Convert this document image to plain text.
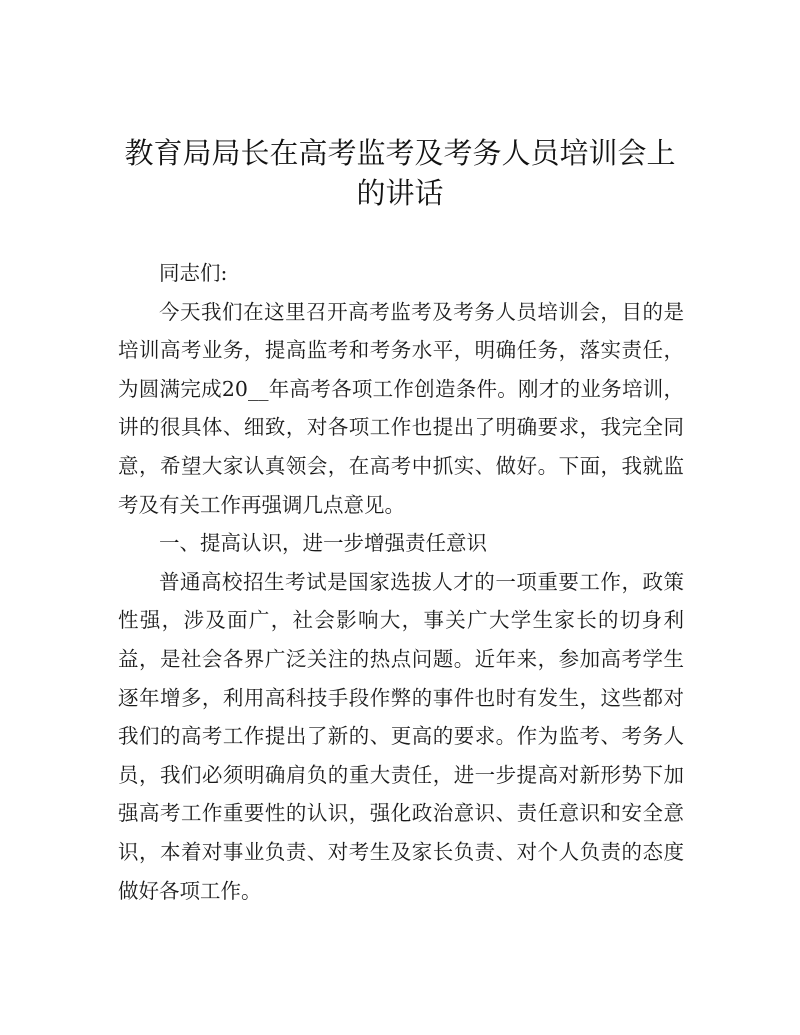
教育局局长在高考监考及考务人员培训会上
的讲话

同志们:

今天我们在这里召开高考监考及考务人员培训会，目的是培训高考业务，提高监考和考务水平，明确任务，落实责任，为圆满完成20__年高考各项工作创造条件。刚才的业务培训，讲的很具体、细致，对各项工作也提出了明确要求，我完全同意，希望大家认真领会，在高考中抓实、做好。下面，我就监考及有关工作再强调几点意见。

一、提高认识，进一步增强责任意识

普通高校招生考试是国家选拔人才的一项重要工作，政策性强，涉及面广，社会影响大，事关广大学生家长的切身利益，是社会各界广泛关注的热点问题。近年来，参加高考学生逐年增多，利用高科技手段作弊的事件也时有发生，这些都对我们的高考工作提出了新的、更高的要求。作为监考、考务人员，我们必须明确肩负的重大责任，进一步提高对新形势下加强高考工作重要性的认识，强化政治意识、责任意识和安全意识，本着对事业负责、对考生及家长负责、对个人负责的态度做好各项工作。
